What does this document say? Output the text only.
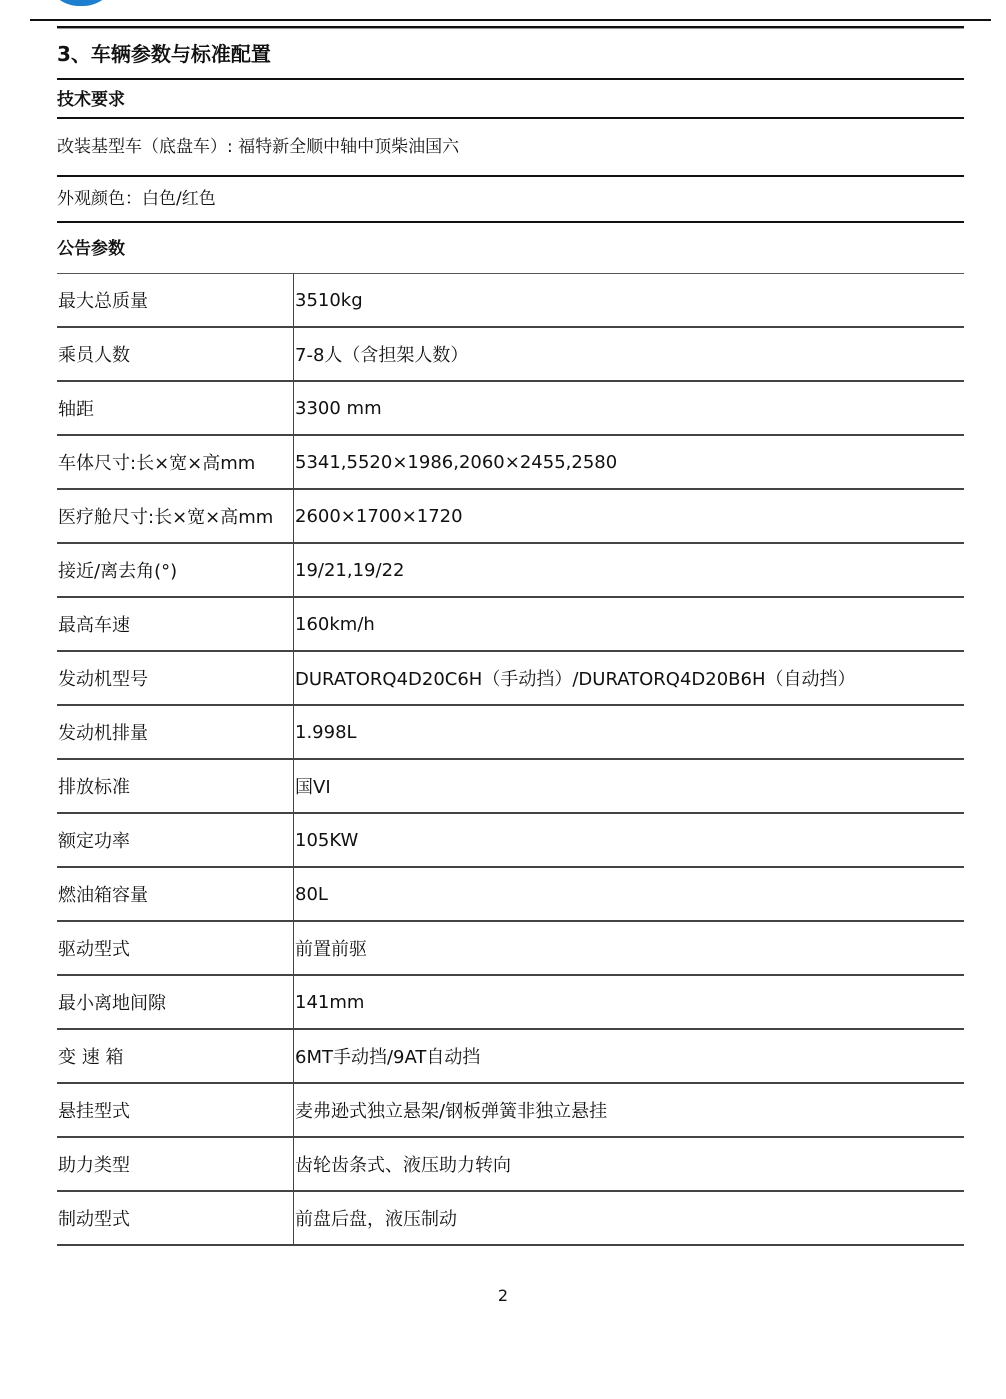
3、车辆参数与标准配置
技术要求
改装基型车（底盘车）: 福特新全顺中轴中顶柴油国六
外观颜色：白色/红色
公告参数
最大总质量	3510kg
乘员人数	7-8人（含担架人数）
轴距	3300 mm
车体尺寸:长×宽×高mm	5341,5520×1986,2060×2455,2580
医疗舱尺寸:长×宽×高mm	2600×1700×1720
接近/离去角(°)	19/21,19/22
最高车速	160km/h
发动机型号	DURATORQ4D20C6H（手动挡）/DURATORQ4D20B6H（自动挡）
发动机排量	1.998L
排放标准	国VI
额定功率	105KW
燃油箱容量	80L
驱动型式	前置前驱
最小离地间隙	141mm
变 速 箱	6MT手动挡/9AT自动挡
悬挂型式	麦弗逊式独立悬架/钢板弹簧非独立悬挂
助力类型	齿轮齿条式、液压助力转向
制动型式	前盘后盘，液压制动
2
